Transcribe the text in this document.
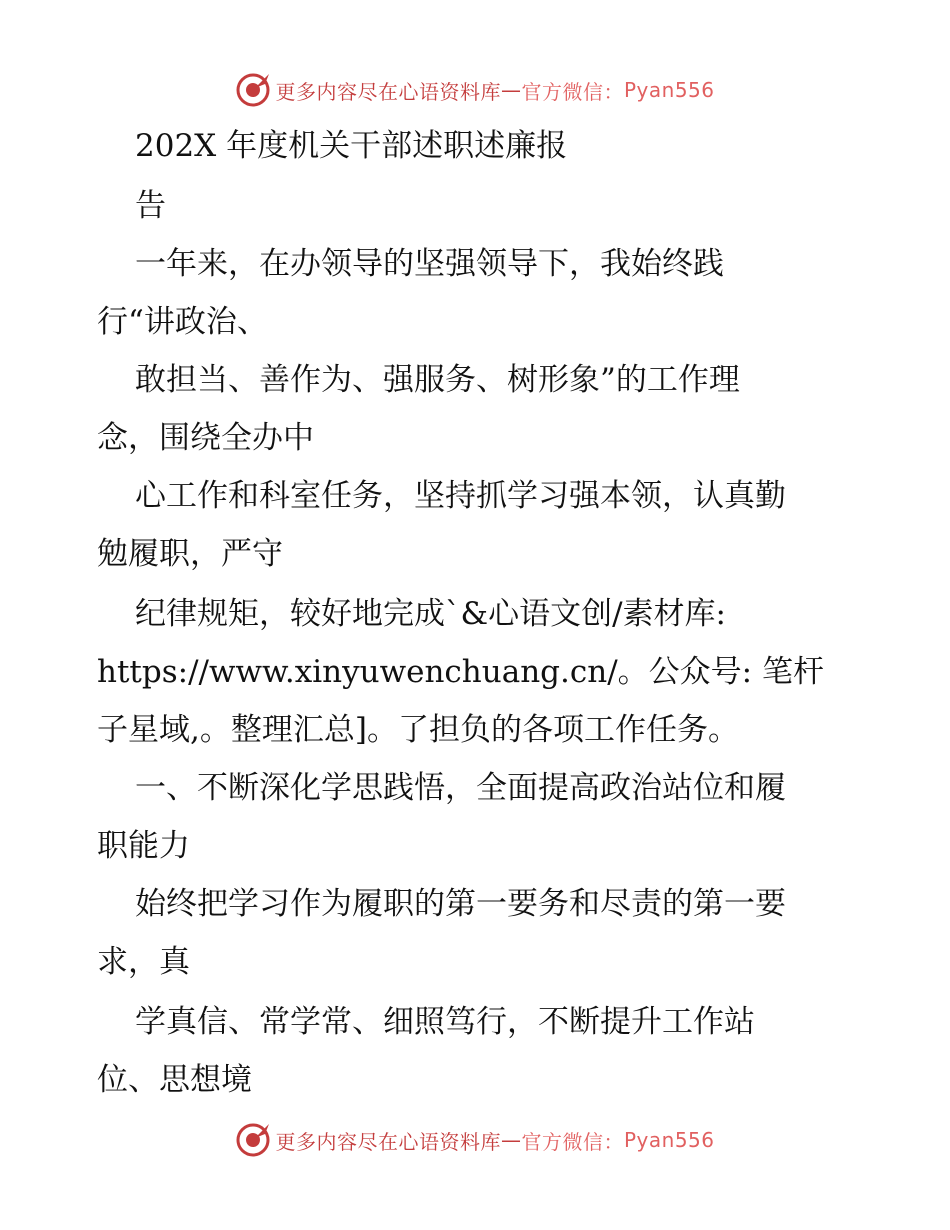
更多内容尽在心语资料库 — 官方微信： Pyan556
202X 年度机关干部述职述廉报
告
一年来，在办领导的坚强领导下，我始终践
行“讲政治、
敢担当、善作为、强服务、树形象”的工作理
念，围绕全办中
心工作和科室任务，坚持抓学习强本领，认真勤
勉履职，严守
纪律规矩，较好地完成`&心语文创/素材库:
https://www.xinyuwenchuang.cn/。公众号: 笔杆
子星域,。整理汇总]。了担负的各项工作任务。
一、不断深化学思践悟，全面提高政治站位和履
职能力
始终把学习作为履职的第一要务和尽责的第一要
求，真
学真信、常学常、细照笃行，不断提升工作站
位、思想境
更多内容尽在心语资料库 — 官方微信： Pyan556
